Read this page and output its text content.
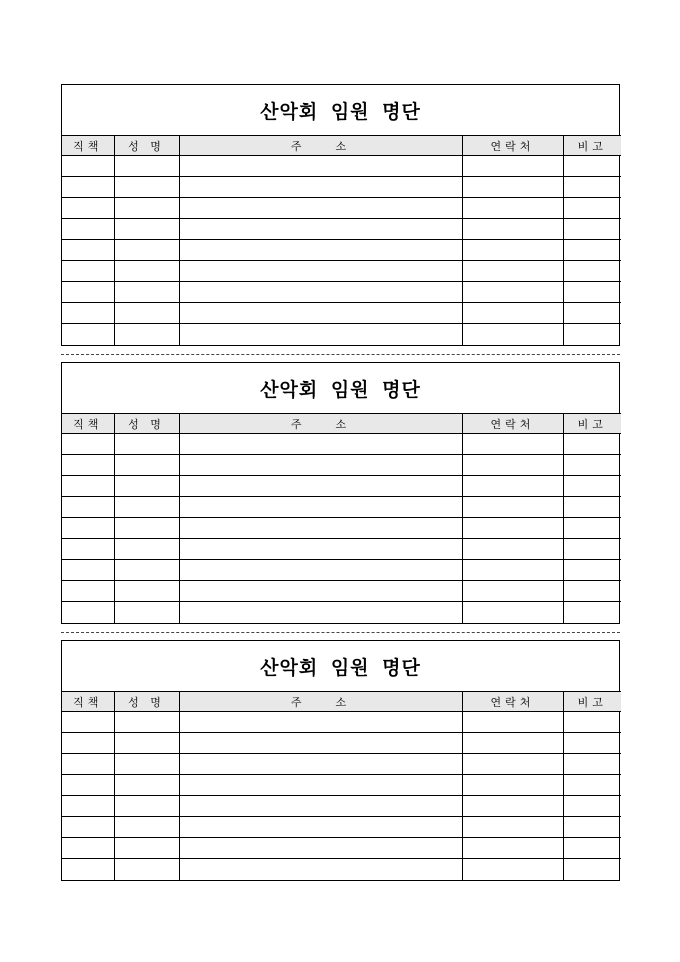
산악회 임원 명단
직책	성 명	주　　소	연락처	비고

산악회 임원 명단
직책	성 명	주　　소	연락처	비고

산악회 임원 명단
직책	성 명	주　　소	연락처	비고
